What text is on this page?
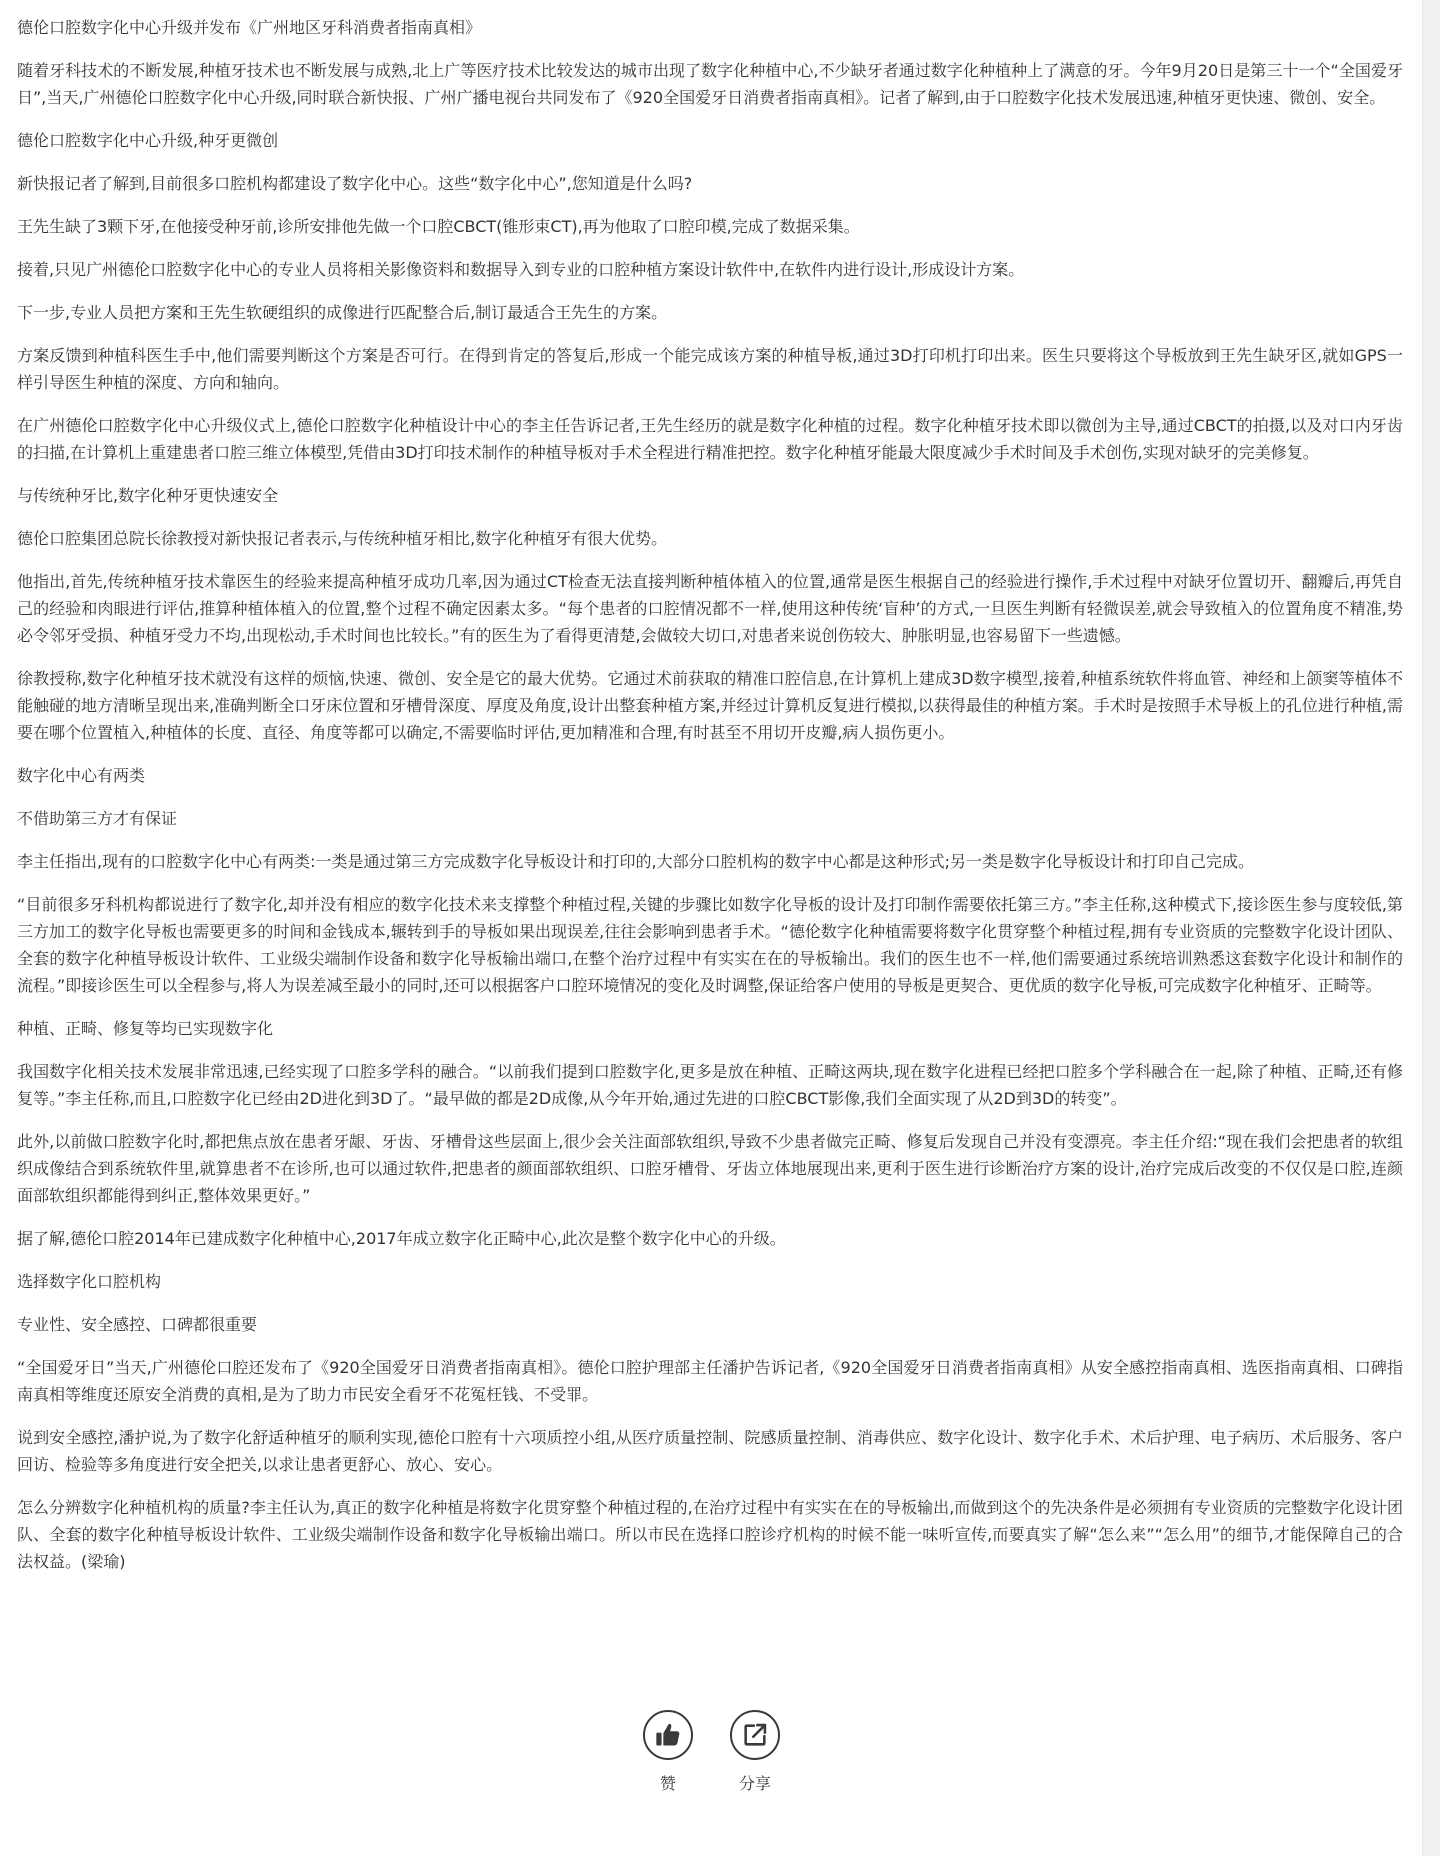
德伦口腔数字化中心升级并发布《广州地区牙科消费者指南真相》

随着牙科技术的不断发展,种植牙技术也不断发展与成熟,北上广等医疗技术比较发达的城市出现了数字化种植中心,不少缺牙者通过数字化种植种上了满意的牙。今年9月20日是第三十一个“全国爱牙日”,当天,广州德伦口腔数字化中心升级,同时联合新快报、广州广播电视台共同发布了《920全国爱牙日消费者指南真相》。记者了解到,由于口腔数字化技术发展迅速,种植牙更快速、微创、安全。

德伦口腔数字化中心升级,种牙更微创

新快报记者了解到,目前很多口腔机构都建设了数字化中心。这些“数字化中心”,您知道是什么吗?

王先生缺了3颗下牙,在他接受种牙前,诊所安排他先做一个口腔CBCT(锥形束CT),再为他取了口腔印模,完成了数据采集。

接着,只见广州德伦口腔数字化中心的专业人员将相关影像资料和数据导入到专业的口腔种植方案设计软件中,在软件内进行设计,形成设计方案。

下一步,专业人员把方案和王先生软硬组织的成像进行匹配整合后,制订最适合王先生的方案。

方案反馈到种植科医生手中,他们需要判断这个方案是否可行。在得到肯定的答复后,形成一个能完成该方案的种植导板,通过3D打印机打印出来。医生只要将这个导板放到王先生缺牙区,就如GPS一样引导医生种植的深度、方向和轴向。

在广州德伦口腔数字化中心升级仪式上,德伦口腔数字化种植设计中心的李主任告诉记者,王先生经历的就是数字化种植的过程。数字化种植牙技术即以微创为主导,通过CBCT的拍摄,以及对口内牙齿的扫描,在计算机上重建患者口腔三维立体模型,凭借由3D打印技术制作的种植导板对手术全程进行精准把控。数字化种植牙能最大限度减少手术时间及手术创伤,实现对缺牙的完美修复。

与传统种牙比,数字化种牙更快速安全

德伦口腔集团总院长徐教授对新快报记者表示,与传统种植牙相比,数字化种植牙有很大优势。

他指出,首先,传统种植牙技术靠医生的经验来提高种植牙成功几率,因为通过CT检查无法直接判断种植体植入的位置,通常是医生根据自己的经验进行操作,手术过程中对缺牙位置切开、翻瓣后,再凭自己的经验和肉眼进行评估,推算种植体植入的位置,整个过程不确定因素太多。“每个患者的口腔情况都不一样,使用这种传统‘盲种’的方式,一旦医生判断有轻微误差,就会导致植入的位置角度不精准,势必令邻牙受损、种植牙受力不均,出现松动,手术时间也比较长。”有的医生为了看得更清楚,会做较大切口,对患者来说创伤较大、肿胀明显,也容易留下一些遗憾。

徐教授称,数字化种植牙技术就没有这样的烦恼,快速、微创、安全是它的最大优势。它通过术前获取的精准口腔信息,在计算机上建成3D数字模型,接着,种植系统软件将血管、神经和上颌窦等植体不能触碰的地方清晰呈现出来,准确判断全口牙床位置和牙槽骨深度、厚度及角度,设计出整套种植方案,并经过计算机反复进行模拟,以获得最佳的种植方案。手术时是按照手术导板上的孔位进行种植,需要在哪个位置植入,种植体的长度、直径、角度等都可以确定,不需要临时评估,更加精准和合理,有时甚至不用切开皮瓣,病人损伤更小。

数字化中心有两类

不借助第三方才有保证

李主任指出,现有的口腔数字化中心有两类:一类是通过第三方完成数字化导板设计和打印的,大部分口腔机构的数字中心都是这种形式;另一类是数字化导板设计和打印自己完成。

“目前很多牙科机构都说进行了数字化,却并没有相应的数字化技术来支撑整个种植过程,关键的步骤比如数字化导板的设计及打印制作需要依托第三方。”李主任称,这种模式下,接诊医生参与度较低,第三方加工的数字化导板也需要更多的时间和金钱成本,辗转到手的导板如果出现误差,往往会影响到患者手术。“德伦数字化种植需要将数字化贯穿整个种植过程,拥有专业资质的完整数字化设计团队、全套的数字化种植导板设计软件、工业级尖端制作设备和数字化导板输出端口,在整个治疗过程中有实实在在的导板输出。我们的医生也不一样,他们需要通过系统培训熟悉这套数字化设计和制作的流程。”即接诊医生可以全程参与,将人为误差减至最小的同时,还可以根据客户口腔环境情况的变化及时调整,保证给客户使用的导板是更契合、更优质的数字化导板,可完成数字化种植牙、正畸等。

种植、正畸、修复等均已实现数字化

我国数字化相关技术发展非常迅速,已经实现了口腔多学科的融合。“以前我们提到口腔数字化,更多是放在种植、正畸这两块,现在数字化进程已经把口腔多个学科融合在一起,除了种植、正畸,还有修复等。”李主任称,而且,口腔数字化已经由2D进化到3D了。“最早做的都是2D成像,从今年开始,通过先进的口腔CBCT影像,我们全面实现了从2D到3D的转变”。

此外,以前做口腔数字化时,都把焦点放在患者牙龈、牙齿、牙槽骨这些层面上,很少会关注面部软组织,导致不少患者做完正畸、修复后发现自己并没有变漂亮。李主任介绍:“现在我们会把患者的软组织成像结合到系统软件里,就算患者不在诊所,也可以通过软件,把患者的颜面部软组织、口腔牙槽骨、牙齿立体地展现出来,更利于医生进行诊断治疗方案的设计,治疗完成后改变的不仅仅是口腔,连颜面部软组织都能得到纠正,整体效果更好。”

据了解,德伦口腔2014年已建成数字化种植中心,2017年成立数字化正畸中心,此次是整个数字化中心的升级。

选择数字化口腔机构

专业性、安全感控、口碑都很重要

“全国爱牙日”当天,广州德伦口腔还发布了《920全国爱牙日消费者指南真相》。德伦口腔护理部主任潘护告诉记者,《920全国爱牙日消费者指南真相》从安全感控指南真相、选医指南真相、口碑指南真相等维度还原安全消费的真相,是为了助力市民安全看牙不花冤枉钱、不受罪。

说到安全感控,潘护说,为了数字化舒适种植牙的顺利实现,德伦口腔有十六项质控小组,从医疗质量控制、院感质量控制、消毒供应、数字化设计、数字化手术、术后护理、电子病历、术后服务、客户回访、检验等多角度进行安全把关,以求让患者更舒心、放心、安心。

怎么分辨数字化种植机构的质量?李主任认为,真正的数字化种植是将数字化贯穿整个种植过程的,在治疗过程中有实实在在的导板输出,而做到这个的先决条件是必须拥有专业资质的完整数字化设计团队、全套的数字化种植导板设计软件、工业级尖端制作设备和数字化导板输出端口。所以市民在选择口腔诊疗机构的时候不能一味听宣传,而要真实了解“怎么来”“怎么用”的细节,才能保障自己的合法权益。(梁瑜)

赞	分享
